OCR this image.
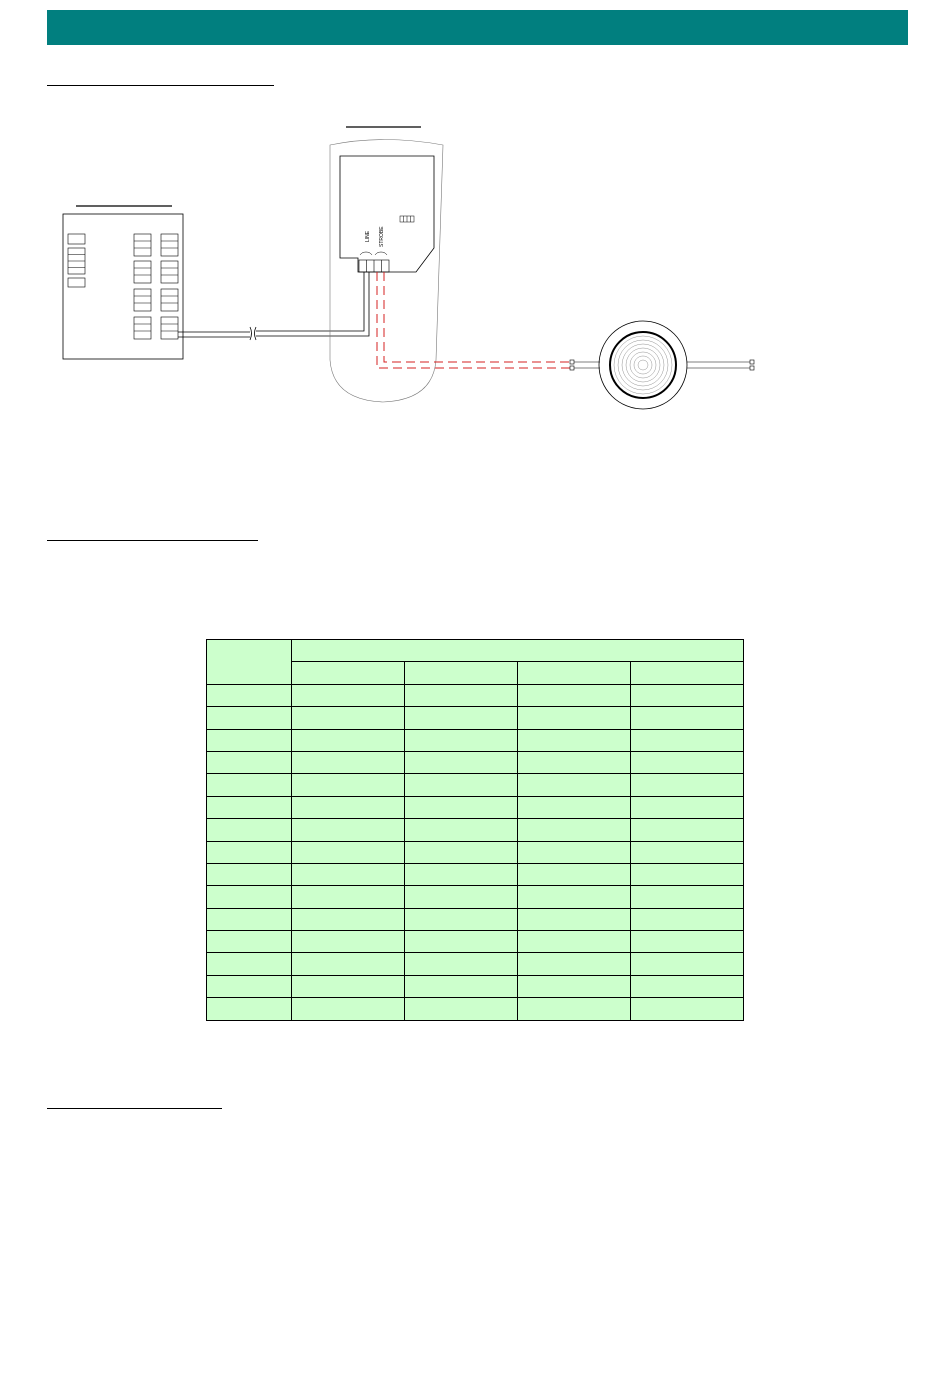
LINE STROBE
